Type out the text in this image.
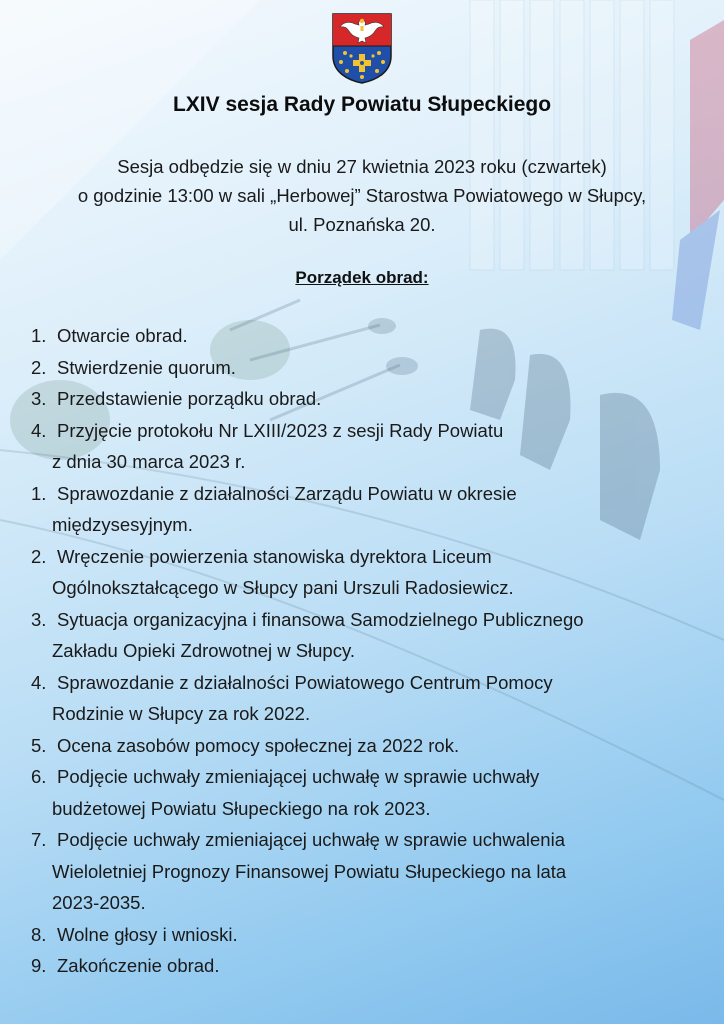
LXIV sesja Rady Powiatu Słupeckiego
Sesja odbędzie się w dniu 27 kwietnia 2023 roku (czwartek)
o godzinie 13:00 w sali „Herbowej” Starostwa Powiatowego w Słupcy,
ul. Poznańska 20.
Porządek obrad:
1. Otwarcie obrad.
2. Stwierdzenie quorum.
3. Przedstawienie porządku obrad.
4. Przyjęcie protokołu Nr LXIII/2023 z sesji Rady Powiatu
z dnia 30 marca 2023 r.
1. Sprawozdanie z działalności Zarządu Powiatu w okresie
międzysesyjnym.
2. Wręczenie powierzenia stanowiska dyrektora Liceum
Ogólnokształcącego w Słupcy pani Urszuli Radosiewicz.
3. Sytuacja organizacyjna i finansowa Samodzielnego Publicznego
Zakładu Opieki Zdrowotnej w Słupcy.
4. Sprawozdanie z działalności Powiatowego Centrum Pomocy
Rodzinie w Słupcy za rok 2022.
5. Ocena zasobów pomocy społecznej za 2022 rok.
6. Podjęcie uchwały zmieniającej uchwałę w sprawie uchwały
budżetowej Powiatu Słupeckiego na rok 2023.
7. Podjęcie uchwały zmieniającej uchwałę w sprawie uchwalenia
Wieloletniej Prognozy Finansowej Powiatu Słupeckiego na lata
2023-2035.
8. Wolne głosy i wnioski.
9. Zakończenie obrad.
